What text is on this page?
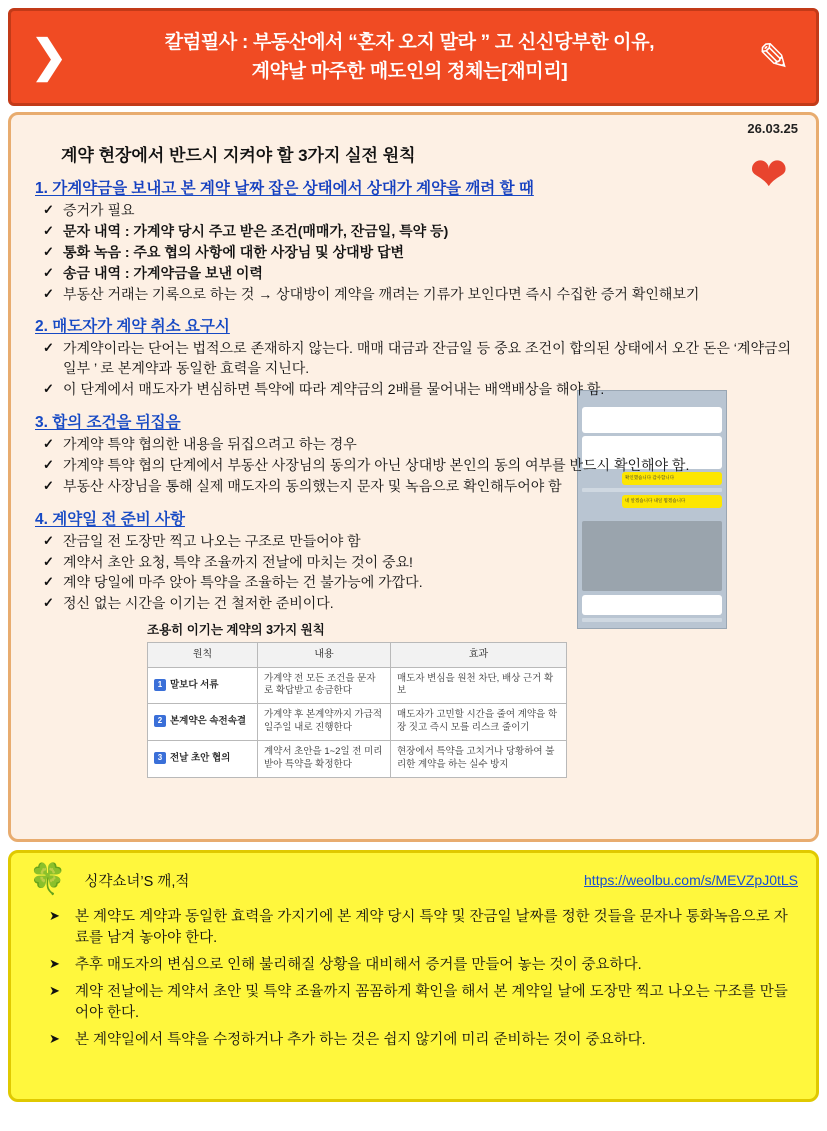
❯	칼럼필사 : 부동산에서 “혼자 오지 말라 ” 고 신신당부한 이유,
계약날 마주한 매도인의 정체는[재미리]	✎
26.03.25
❤
계약 현장에서 반드시 지켜야 할 3가지 실전 원칙
1. 가계약금을 보내고 본 계약 날짜 잡은 상태에서 상대가 계약을 깨려 할 때
✓ 증거가 필요
✓ 문자 내역 : 가계약 당시 주고 받은 조건(매매가, 잔금일, 특약 등)
✓ 통화 녹음 : 주요 협의 사항에 대한 사장님 및 상대방 답변
✓ 송금 내역 : 가계약금을 보낸 이력
✓ 부동산 거래는 기록으로 하는 것 → 상대방이 계약을 깨려는 기류가 보인다면 즉시 수집한 증거 확인해보기
2. 매도자가 계약 취소 요구시
✓ 가계약이라는 단어는 법적으로 존재하지 않는다. 매매 대금과 잔금일 등 중요 조건이 합의된 상태에서 오간 돈은 ‘계약금의 일부 ’ 로 본계약과 동일한 효력을 지닌다.
✓ 이 단계에서 매도자가 변심하면 특약에 따라 계약금의 2배를 물어내는 배액배상을 해야 함.
3. 합의 조건을 뒤집음
✓ 가계약 특약 협의한 내용을 뒤집으려고 하는 경우
✓ 가계약 특약 협의 단계에서 부동산 사장님의 동의가 아닌 상대방 본인의 동의 여부를 반드시 확인해야 함.
✓ 부동산 사장님을 통해 실제 매도자의 동의했는지 문자 및 녹음으로 확인해두어야 함
4. 계약일 전 준비 사항
✓ 잔금일 전 도장만 찍고 나오는 구조로 만들어야 함
✓ 계약서 초안 요청, 특약 조율까지 전날에 마치는 것이 중요!
✓ 계약 당일에 마주 앉아 특약을 조율하는 건 불가능에 가깝다.
✓ 정신 없는 시간을 이기는 건 철저한 준비이다.
조용히 이기는 계약의 3가지 원칙
원칙	내용	효과
1 말보다 서류	가계약 전 모든 조건을 문자로 확답받고 송금한다	매도자 변심을 원천 차단, 배상 근거 확보
2 본계약은 속전속결	가계약 후 본계약까지 가급적 일주일 내로 진행한다	매도자가 고민할 시간을 줄여 계약을 학장 짓고 즉시 모를 리스크 줄이기
3 전날 초안 협의	계약서 초안을 1~2일 전 미리 받아 특약을 확정한다	현장에서 특약을 고치거나 당황하여 불리한 계약을 하는 실수 방지

확인했습니다 감사합니다
네 알겠습니다 내일 뵙겠습니다

🍀	싱갹쇼녀’S 깨,적	https://weolbu.com/s/MEVZpJ0tLS
➤ 본 계약도 계약과 동일한 효력을 가지기에 본 계약 당시 특약 및 잔금일 날짜를 정한 것들을 문자나 통화녹음으로 자료를 남겨 놓아야 한다.
➤ 추후 매도자의 변심으로 인해 불리해질 상황을 대비해서 증거를 만들어 놓는 것이 중요하다.
➤ 계약 전날에는 계약서 초안 및 특약 조율까지 꼼꼼하게 확인을 해서 본 계약일 날에 도장만 찍고 나오는 구조를 만들어야 한다.
➤ 본 계약일에서 특약을 수정하거나 추가 하는 것은 쉽지 않기에 미리 준비하는 것이 중요하다.
